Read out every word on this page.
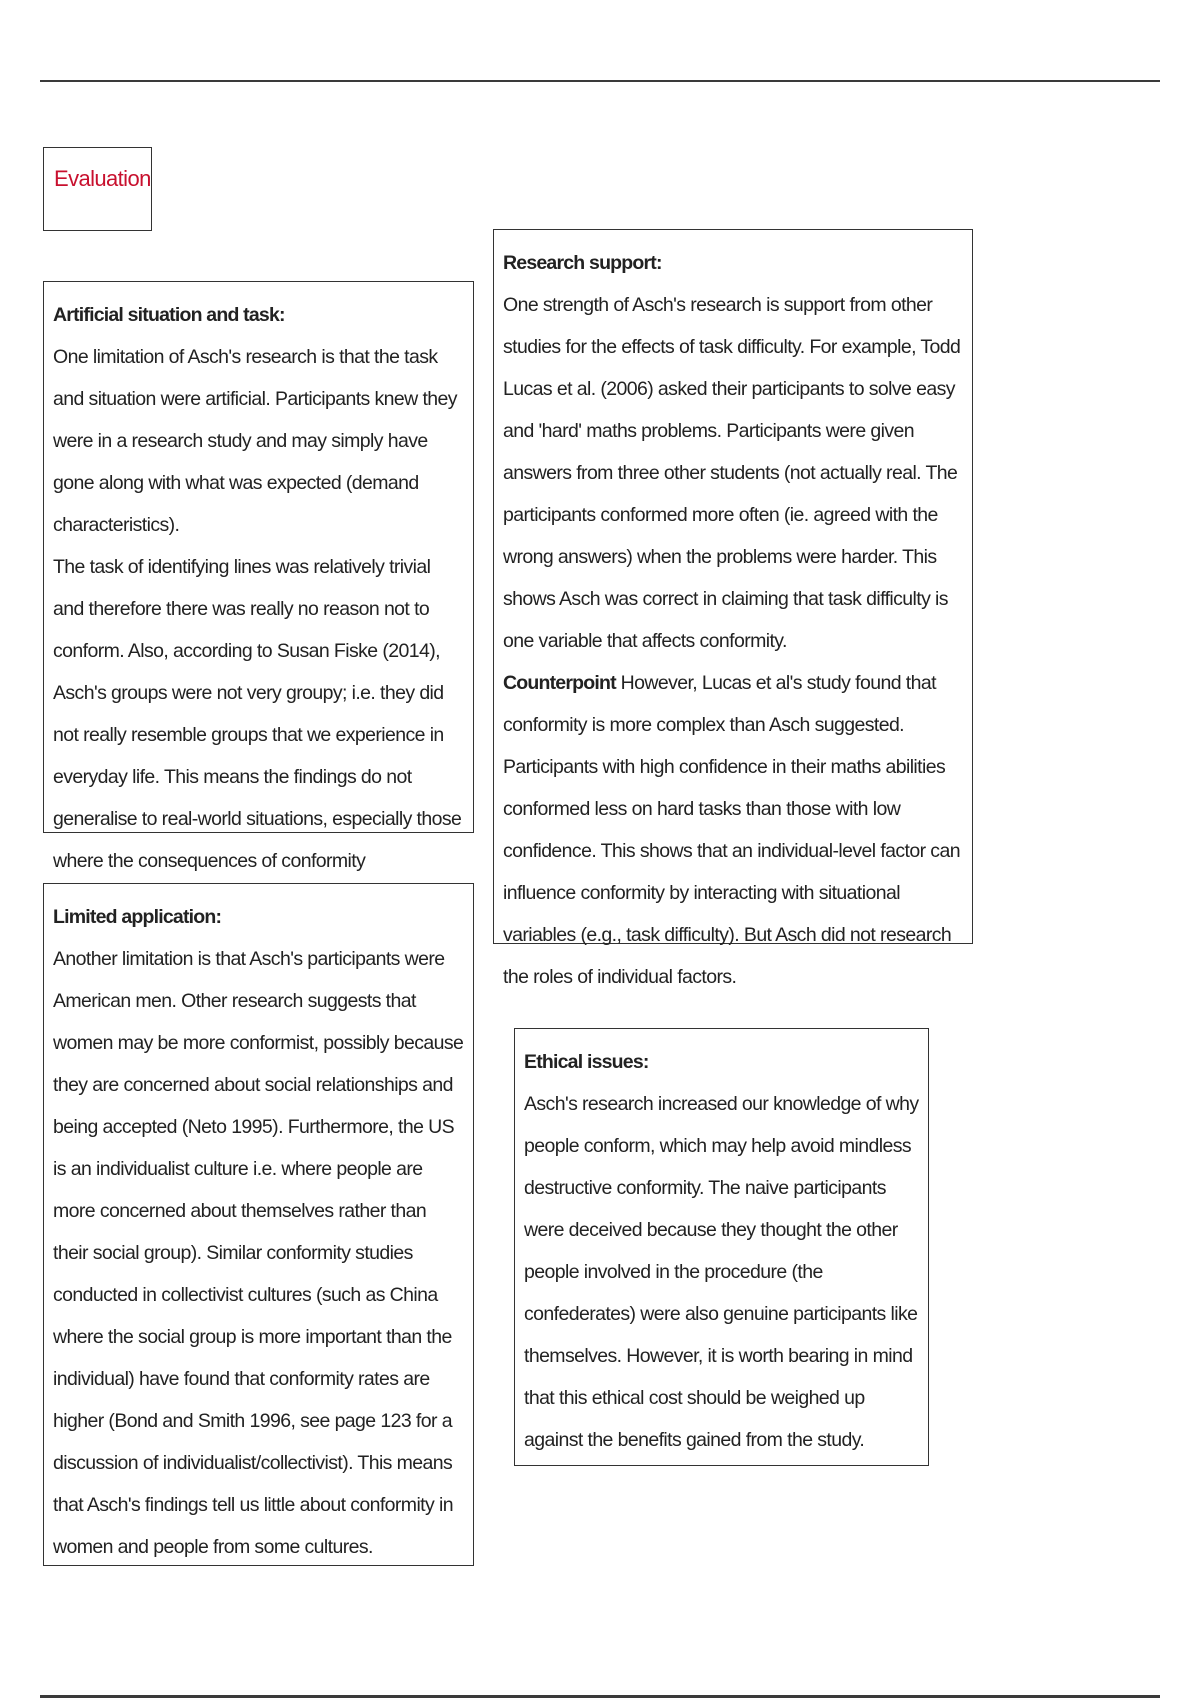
Evaluation
Artificial situation and task:

One limitation of Asch's research is that the task and situation were artificial. Participants knew they were in a research study and may simply have gone along with what was expected (demand characteristics).

The task of identifying lines was relatively trivial and therefore there was really no reason not to conform. Also, according to Susan Fiske (2014), Asch's groups were not very groupy; i.e. they did not really resemble groups that we experience in everyday life. This means the findings do not generalise to real-world situations, especially those where the consequences of conformity

Limited application:

Another limitation is that Asch's participants were American men. Other research suggests that women may be more conformist, possibly because they are concerned about social relationships and being accepted (Neto 1995). Furthermore, the US is an individualist culture i.e. where people are more concerned about themselves rather than their social group). Similar conformity studies conducted in collectivist cultures (such as China where the social group is more important than the individual) have found that conformity rates are higher (Bond and Smith 1996, see page 123 for a discussion of individualist/collectivist). This means that Asch's findings tell us little about conformity in women and people from some cultures.

Research support:

One strength of Asch's research is support from other studies for the effects of task difficulty. For example, Todd Lucas et al. (2006) asked their participants to solve easy and 'hard' maths problems. Participants were given answers from three other students (not actually real. The participants conformed more often (ie. agreed with the wrong answers) when the problems were harder. This shows Asch was correct in claiming that task difficulty is one variable that affects conformity.

Counterpoint However, Lucas et al's study found that conformity is more complex than Asch suggested. Participants with high confidence in their maths abilities conformed less on hard tasks than those with low confidence. This shows that an individual-level factor can influence conformity by interacting with situational variables (e.g., task difficulty). But Asch did not research the roles of individual factors.

Ethical issues:

Asch's research increased our knowledge of why people conform, which may help avoid mindless destructive conformity. The naive participants were deceived because they thought the other people involved in the procedure (the confederates) were also genuine participants like themselves. However, it is worth bearing in mind that this ethical cost should be weighed up against the benefits gained from the study.
